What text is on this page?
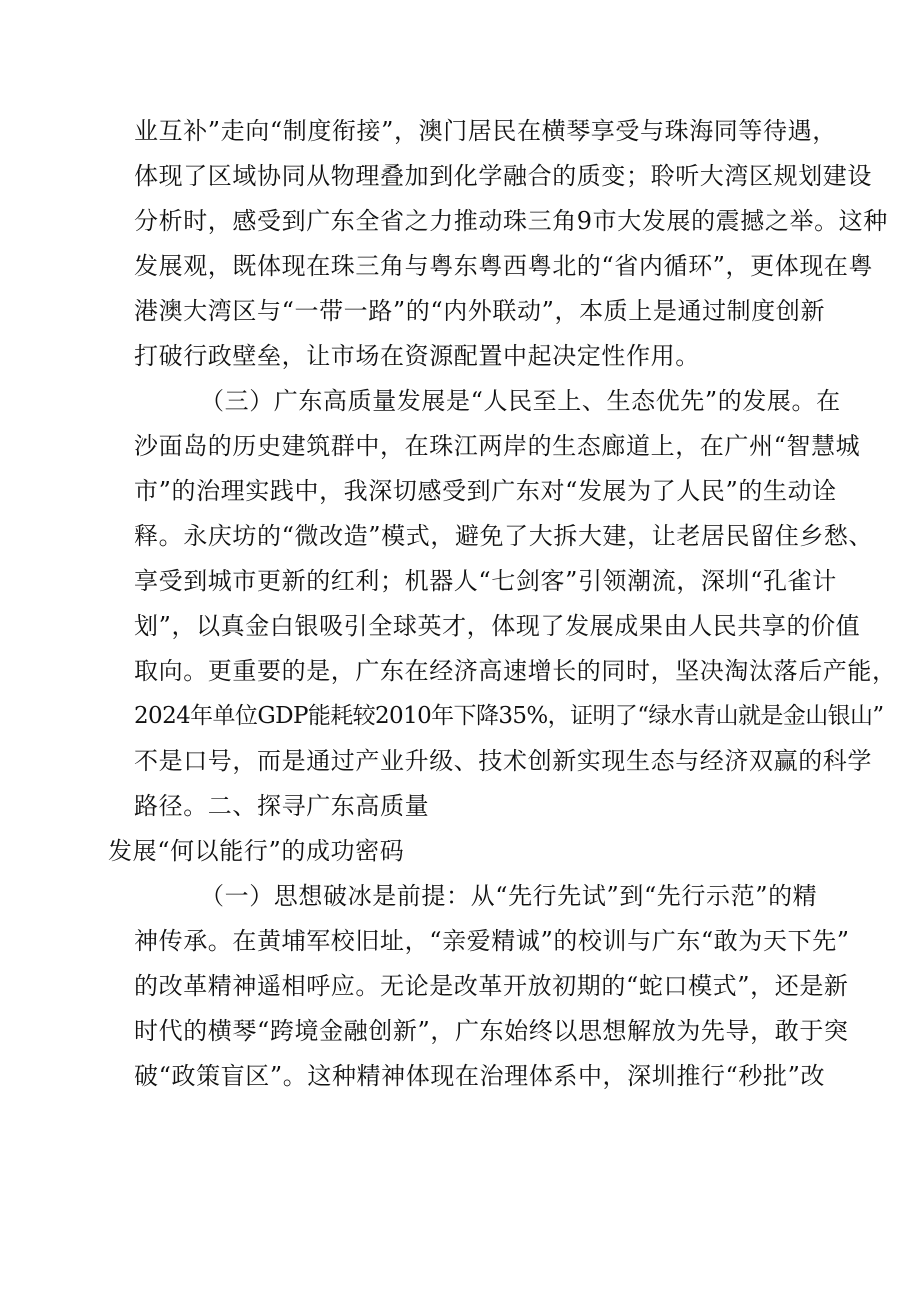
业互补”走向“制度衔接”，澳门居民在横琴享受与珠海同等待遇，
体现了区域协同从物理叠加到化学融合的质变；聆听大湾区规划建设
分析时，感受到广东全省之力推动珠三角9市大发展的震撼之举。这种
发展观，既体现在珠三角与粤东粤西粤北的“省内循环”，更体现在粤
港澳大湾区与“一带一路”的“内外联动”，本质上是通过制度创新
打破行政壁垒，让市场在资源配置中起决定性作用。
（三）广东高质量发展是“人民至上、生态优先”的发展。在
沙面岛的历史建筑群中，在珠江两岸的生态廊道上，在广州“智慧城
市”的治理实践中，我深切感受到广东对“发展为了人民”的生动诠
释。永庆坊的“微改造”模式，避免了大拆大建，让老居民留住乡愁、
享受到城市更新的红利；机器人“七剑客”引领潮流，深圳“孔雀计
划”，以真金白银吸引全球英才，体现了发展成果由人民共享的价值
取向。更重要的是，广东在经济高速增长的同时，坚决淘汰落后产能，
2024年单位GDP能耗较2010年下降35%，证明了“绿水青山就是金山银山”
不是口号，而是通过产业升级、技术创新实现生态与经济双赢的科学
路径。二、探寻广东高质量
发展“何以能行”的成功密码
（一）思想破冰是前提：从“先行先试”到“先行示范”的精
神传承。在黄埔军校旧址，“亲爱精诚”的校训与广东“敢为天下先”
的改革精神遥相呼应。无论是改革开放初期的“蛇口模式”，还是新
时代的横琴“跨境金融创新”，广东始终以思想解放为先导，敢于突
破“政策盲区”。这种精神体现在治理体系中，深圳推行“秒批”改
